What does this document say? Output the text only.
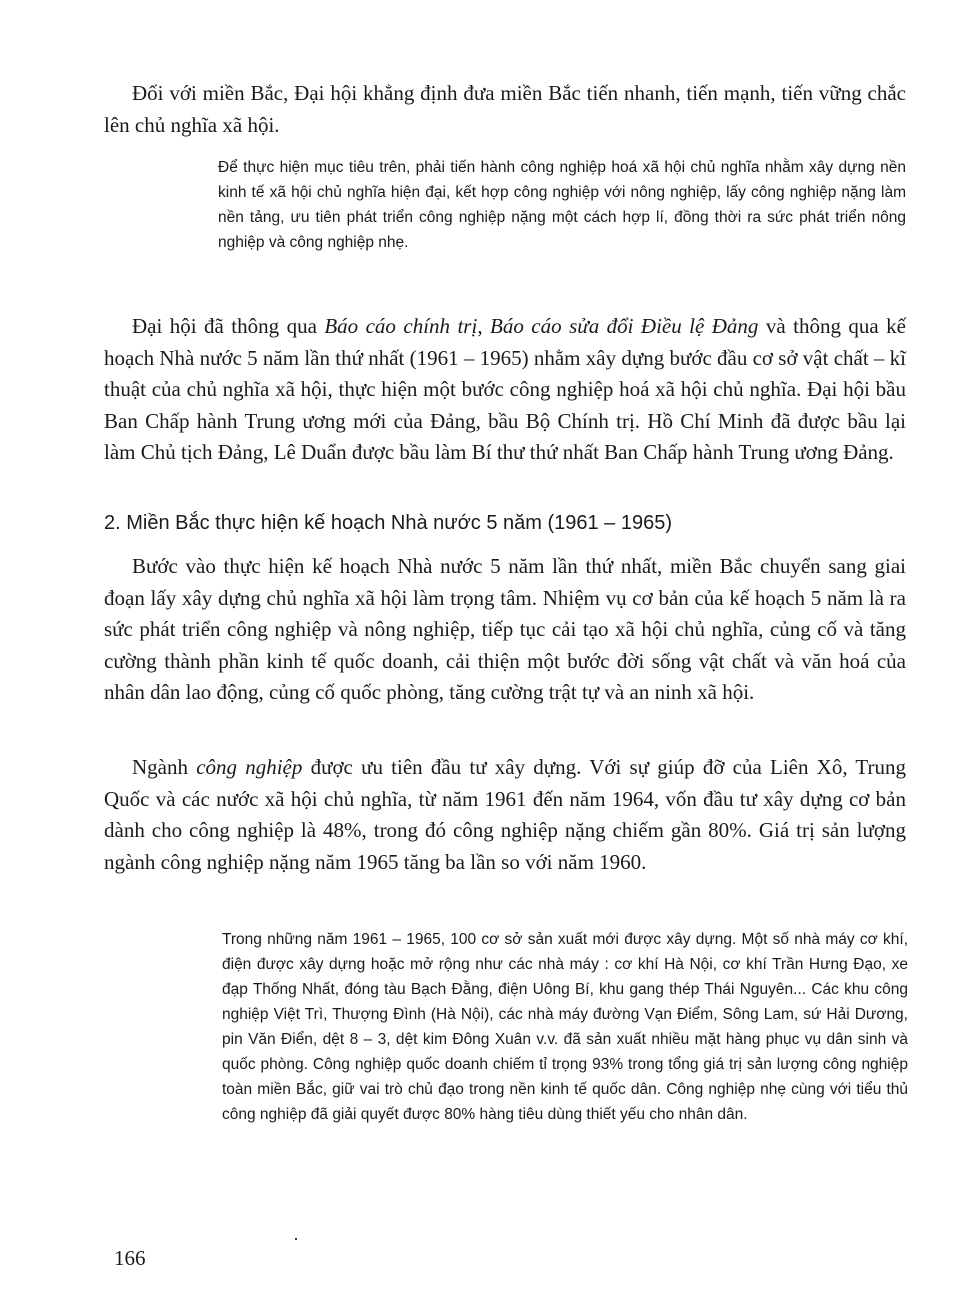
Đối với miền Bắc, Đại hội khẳng định đưa miền Bắc tiến nhanh, tiến mạnh, tiến vững chắc lên chủ nghĩa xã hội.

Để thực hiện mục tiêu trên, phải tiến hành công nghiệp hoá xã hội chủ nghĩa nhằm xây dựng nền kinh tế xã hội chủ nghĩa hiện đại, kết hợp công nghiệp với nông nghiệp, lấy công nghiệp nặng làm nền tảng, ưu tiên phát triển công nghiệp nặng một cách hợp lí, đồng thời ra sức phát triển nông nghiệp và công nghiệp nhẹ.

Đại hội đã thông qua Báo cáo chính trị, Báo cáo sửa đổi Điều lệ Đảng và thông qua kế hoạch Nhà nước 5 năm lần thứ nhất (1961 – 1965) nhằm xây dựng bước đầu cơ sở vật chất – kĩ thuật của chủ nghĩa xã hội, thực hiện một bước công nghiệp hoá xã hội chủ nghĩa. Đại hội bầu Ban Chấp hành Trung ương mới của Đảng, bầu Bộ Chính trị. Hồ Chí Minh đã được bầu lại làm Chủ tịch Đảng, Lê Duẩn được bầu làm Bí thư thứ nhất Ban Chấp hành Trung ương Đảng.

2. Miền Bắc thực hiện kế hoạch Nhà nước 5 năm (1961 – 1965)

Bước vào thực hiện kế hoạch Nhà nước 5 năm lần thứ nhất, miền Bắc chuyển sang giai đoạn lấy xây dựng chủ nghĩa xã hội làm trọng tâm. Nhiệm vụ cơ bản của kế hoạch 5 năm là ra sức phát triển công nghiệp và nông nghiệp, tiếp tục cải tạo xã hội chủ nghĩa, củng cố và tăng cường thành phần kinh tế quốc doanh, cải thiện một bước đời sống vật chất và văn hoá của nhân dân lao động, củng cố quốc phòng, tăng cường trật tự và an ninh xã hội.

Ngành công nghiệp được ưu tiên đầu tư xây dựng. Với sự giúp đỡ của Liên Xô, Trung Quốc và các nước xã hội chủ nghĩa, từ năm 1961 đến năm 1964, vốn đầu tư xây dựng cơ bản dành cho công nghiệp là 48%, trong đó công nghiệp nặng chiếm gần 80%. Giá trị sản lượng ngành công nghiệp nặng năm 1965 tăng ba lần so với năm 1960.

Trong những năm 1961 – 1965, 100 cơ sở sản xuất mới được xây dựng. Một số nhà máy cơ khí, điện được xây dựng hoặc mở rộng như các nhà máy : cơ khí Hà Nội, cơ khí Trần Hưng Đạo, xe đạp Thống Nhất, đóng tàu Bạch Đằng, điện Uông Bí, khu gang thép Thái Nguyên... Các khu công nghiệp Việt Trì, Thượng Đình (Hà Nội), các nhà máy đường Vạn Điểm, Sông Lam, sứ Hải Dương, pin Văn Điển, dệt 8 – 3, dệt kim Đông Xuân v.v. đã sản xuất nhiều mặt hàng phục vụ dân sinh và quốc phòng. Công nghiệp quốc doanh chiếm tỉ trọng 93% trong tổng giá trị sản lượng công nghiệp toàn miền Bắc, giữ vai trò chủ đạo trong nền kinh tế quốc dân. Công nghiệp nhẹ cùng với tiểu thủ công nghiệp đã giải quyết được 80% hàng tiêu dùng thiết yếu cho nhân dân.

166
